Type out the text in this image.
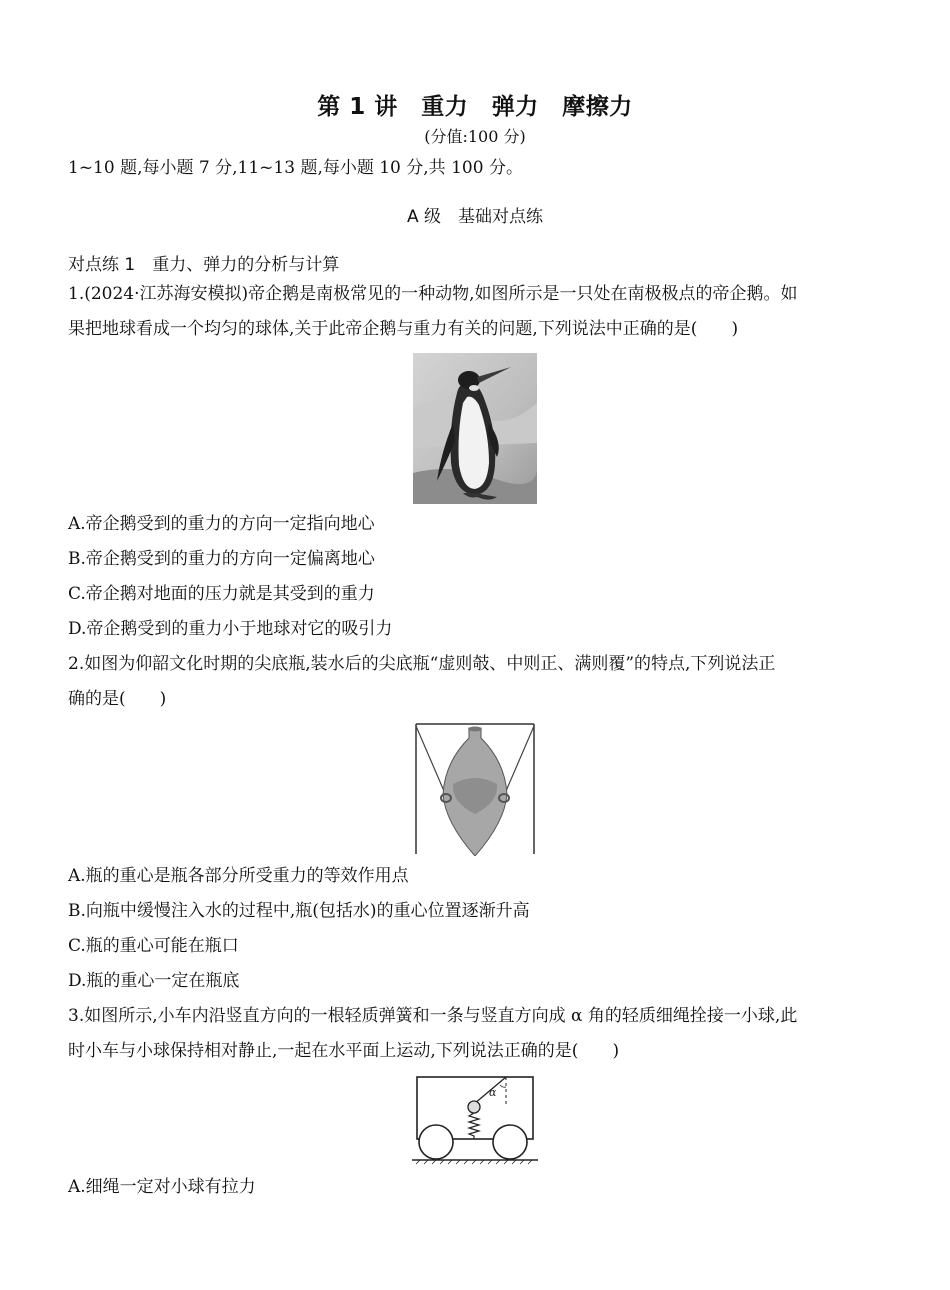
第 1 讲　重力　弹力　摩擦力
(分值:100 分)
1~10 题,每小题 7 分,11~13 题,每小题 10 分,共 100 分。
A 级　基础对点练
对点练 1　重力、弹力的分析与计算
1.(2024·江苏海安模拟)帝企鹅是南极常见的一种动物,如图所示是一只处在南极极点的帝企鹅。如
果把地球看成一个均匀的球体,关于此帝企鹅与重力有关的问题,下列说法中正确的是(　　)
A.帝企鹅受到的重力的方向一定指向地心
B.帝企鹅受到的重力的方向一定偏离地心
C.帝企鹅对地面的压力就是其受到的重力
D.帝企鹅受到的重力小于地球对它的吸引力
2.如图为仰韶文化时期的尖底瓶,装水后的尖底瓶“虚则攲、中则正、满则覆”的特点,下列说法正
确的是(　　)
A.瓶的重心是瓶各部分所受重力的等效作用点
B.向瓶中缓慢注入水的过程中,瓶(包括水)的重心位置逐渐升高
C.瓶的重心可能在瓶口
D.瓶的重心一定在瓶底
3.如图所示,小车内沿竖直方向的一根轻质弹簧和一条与竖直方向成 α 角的轻质细绳拴接一小球,此
时小车与小球保持相对静止,一起在水平面上运动,下列说法正确的是(　　)
α
A.细绳一定对小球有拉力
